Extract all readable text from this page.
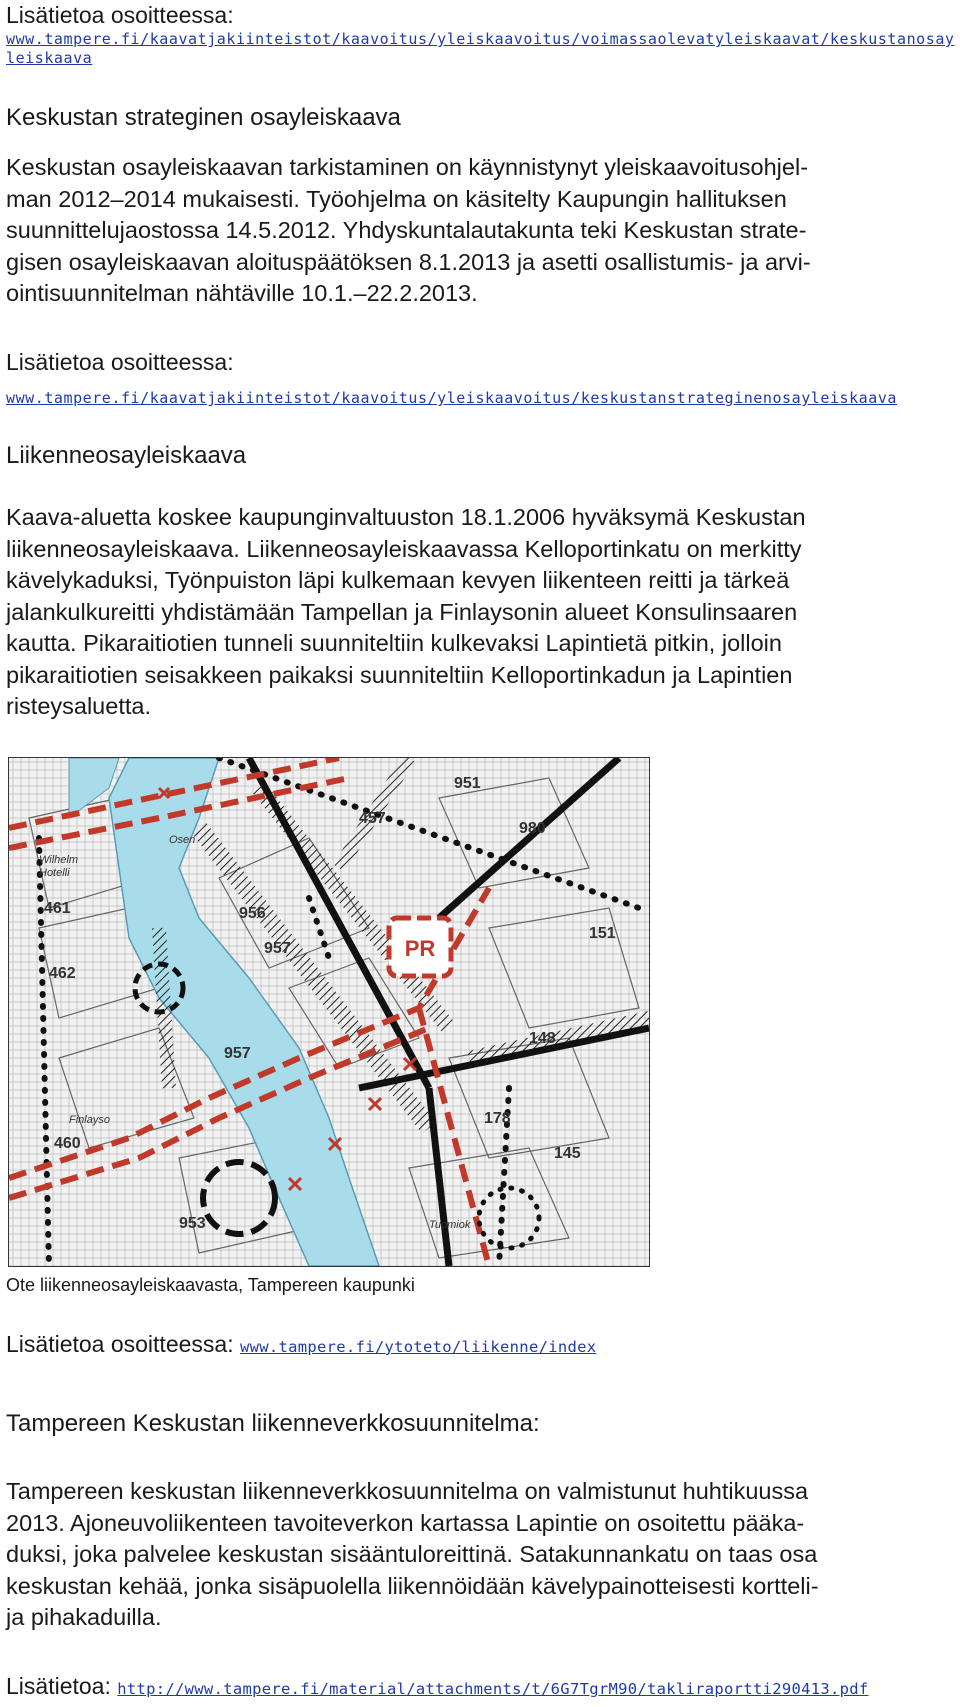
Lisätietoa osoitteessa:

www.tampere.fi/kaavatjakiinteistot/kaavoitus/yleiskaavoitus/voimassaolevatyleiskaavat/keskustanosayleiskaava

Keskustan strateginen osayleiskaava

Keskustan osayleiskaavan tarkistaminen on käynnistynyt yleiskaavoitusohjel-
man 2012–2014 mukaisesti. Työohjelma on käsitelty Kaupungin hallituksen
suunnittelujaostossa 14.5.2012. Yhdyskuntalautakunta teki Keskustan strate-
gisen osayleiskaavan aloituspäätöksen 8.1.2013 ja asetti osallistumis- ja arvi-
ointisuunnitelman nähtäville 10.1.–22.2.2013.

Lisätietoa osoitteessa:

www.tampere.fi/kaavatjakiinteistot/kaavoitus/yleiskaavoitus/keskustanstrateginenosayleiskaava

Liikenneosayleiskaava

Kaava-aluetta koskee kaupunginvaltuuston 18.1.2006 hyväksymä Keskustan
liikenneosayleiskaava. Liikenneosayleiskaavassa Kelloportinkatu on merkitty
kävelykaduksi, Työnpuiston läpi kulkemaan kevyen liikenteen reitti ja tärkeä
jalankulkureitti yhdistämään Tampellan ja Finlaysonin alueet Konsulinsaaren
kautta. Pikaraitiotien tunneli suunniteltiin kulkevaksi Lapintietä pitkin, jolloin
pikaraitiotien seisakkeen paikaksi suunniteltiin Kelloportinkadun ja Lapintien
risteysaluetta.
PR
957
951
457
956
461
462
980
151
148
178
145
460
953
957
Wilhelm
Hotelli
Finlayso
Tuomiok
Osen

Ote liikenneosayleiskaavasta, Tampereen kaupunki

Lisätietoa osoitteessa: www.tampere.fi/ytoteto/liikenne/index

Tampereen Keskustan liikenneverkkosuunnitelma:

Tampereen keskustan liikenneverkkosuunnitelma on valmistunut huhtikuussa
2013. Ajoneuvoliikenteen tavoiteverkon kartassa Lapintie on osoitettu pääka-
duksi, joka palvelee keskustan sisääntuloreittinä. Satakunnankatu on taas osa
keskustan kehää, jonka sisäpuolella liikennöidään kävelypainotteisesti kortteli-
ja pihakaduilla.

Lisätietoa: http://www.tampere.fi/material/attachments/t/6G7TgrM90/takliraportti290413.pdf
